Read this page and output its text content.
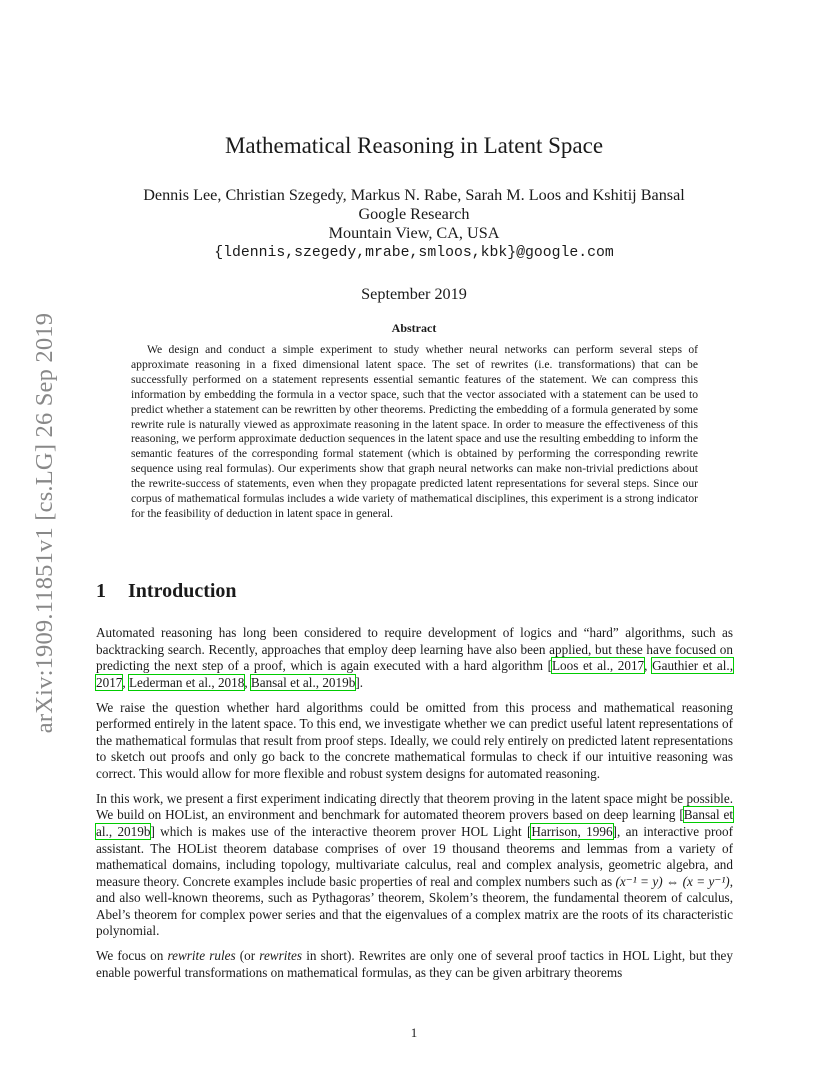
arXiv:1909.11851v1 [cs.LG] 26 Sep 2019
Mathematical Reasoning in Latent Space
Dennis Lee, Christian Szegedy, Markus N. Rabe, Sarah M. Loos and Kshitij Bansal
Google Research
Mountain View, CA, USA
{ldennis,szegedy,mrabe,smloos,kbk}@google.com
September 2019
Abstract

We design and conduct a simple experiment to study whether neural networks can perform several steps of approximate reasoning in a fixed dimensional latent space. The set of rewrites (i.e. transformations) that can be successfully performed on a statement represents essential semantic features of the statement. We can compress this information by embedding the formula in a vector space, such that the vector associated with a statement can be used to predict whether a statement can be rewritten by other theorems. Predicting the embedding of a formula generated by some rewrite rule is naturally viewed as approximate reasoning in the latent space. In order to measure the effectiveness of this reasoning, we perform approximate deduction sequences in the latent space and use the resulting embedding to inform the semantic features of the corresponding formal statement (which is obtained by performing the corresponding rewrite sequence using real formulas). Our experiments show that graph neural networks can make non-trivial predictions about the rewrite-success of statements, even when they propagate predicted latent representations for several steps. Since our corpus of mathematical formulas includes a wide variety of mathematical disciplines, this experiment is a strong indicator for the feasibility of deduction in latent space in general.

1 Introduction

Automated reasoning has long been considered to require development of logics and “hard” algorithms, such as backtracking search. Recently, approaches that employ deep learning have also been applied, but these have focused on predicting the next step of a proof, which is again executed with a hard algorithm [Loos et al., 2017, Gauthier et al., 2017, Lederman et al., 2018, Bansal et al., 2019b].

We raise the question whether hard algorithms could be omitted from this process and mathematical reasoning performed entirely in the latent space. To this end, we investigate whether we can predict useful latent representations of the mathematical formulas that result from proof steps. Ideally, we could rely entirely on predicted latent representations to sketch out proofs and only go back to the concrete mathematical formulas to check if our intuitive reasoning was correct. This would allow for more flexible and robust system designs for automated reasoning.

In this work, we present a first experiment indicating directly that theorem proving in the latent space might be possible. We build on HOList, an environment and benchmark for automated theorem provers based on deep learning [Bansal et al., 2019b] which is makes use of the interactive theorem prover HOL Light [Harrison, 1996], an interactive proof assistant. The HOList theorem database comprises of over 19 thousand theorems and lemmas from a variety of mathematical domains, including topology, multivariate calculus, real and complex analysis, geometric algebra, and measure theory. Concrete examples include basic properties of real and complex numbers such as (x⁻¹ = y) ⇔ (x = y⁻¹), and also well-known theorems, such as Pythagoras’ theorem, Skolem’s theorem, the fundamental theorem of calculus, Abel’s theorem for complex power series and that the eigenvalues of a complex matrix are the roots of its characteristic polynomial.

We focus on rewrite rules (or rewrites in short). Rewrites are only one of several proof tactics in HOL Light, but they enable powerful transformations on mathematical formulas, as they can be given arbitrary theorems

1
